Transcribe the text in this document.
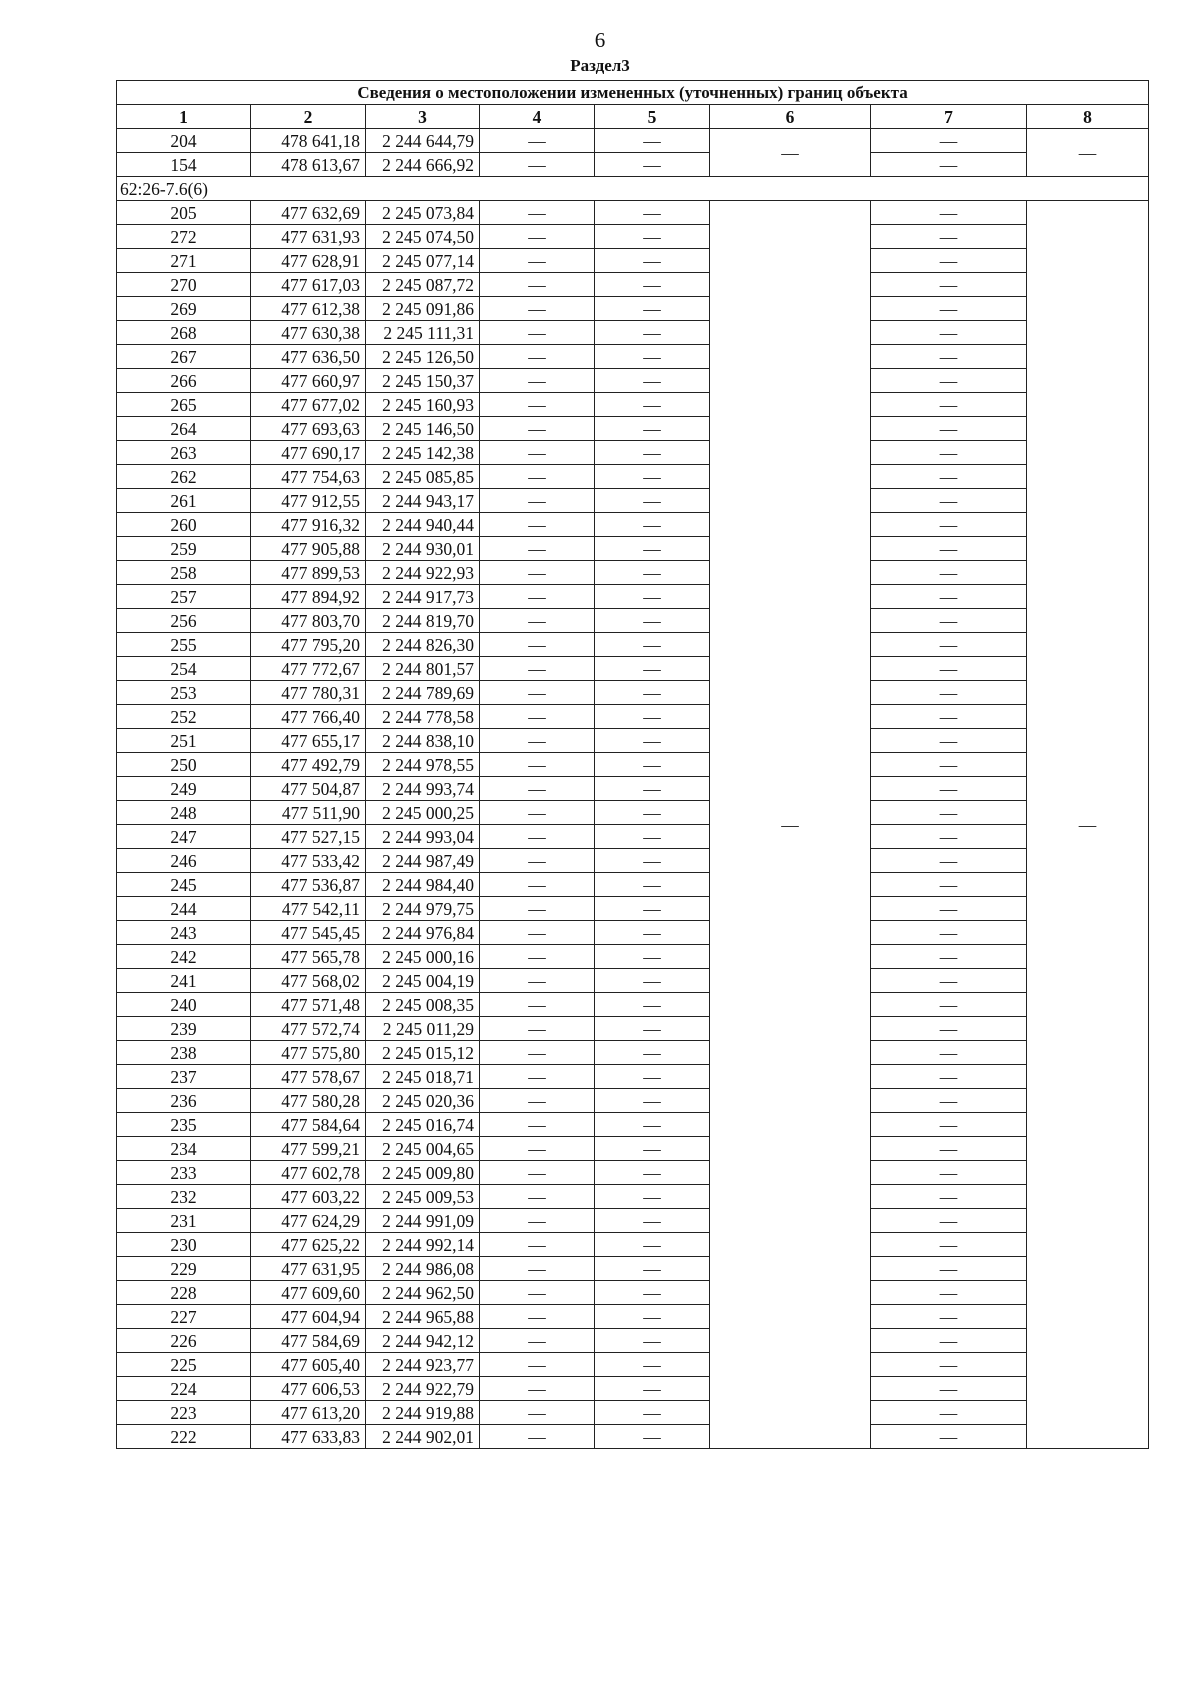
6
Раздел3
Сведения о местоположении измененных (уточненных) границ объекта							
1	2	3	4	5	6	7	8
204	478 641,18	2 244 644,79	—	—	—	—	—
154	478 613,67	2 244 666,92	—	—		—	
62:26-7.6(6)							
205	477 632,69	2 245 073,84	—	—	—	—	—
272	477 631,93	2 245 074,50	—	—		—	
271	477 628,91	2 245 077,14	—	—		—	
270	477 617,03	2 245 087,72	—	—		—	
269	477 612,38	2 245 091,86	—	—		—	
268	477 630,38	2 245 111,31	—	—		—	
267	477 636,50	2 245 126,50	—	—		—	
266	477 660,97	2 245 150,37	—	—		—	
265	477 677,02	2 245 160,93	—	—		—	
264	477 693,63	2 245 146,50	—	—		—	
263	477 690,17	2 245 142,38	—	—		—	
262	477 754,63	2 245 085,85	—	—		—	
261	477 912,55	2 244 943,17	—	—		—	
260	477 916,32	2 244 940,44	—	—		—	
259	477 905,88	2 244 930,01	—	—		—	
258	477 899,53	2 244 922,93	—	—		—	
257	477 894,92	2 244 917,73	—	—		—	
256	477 803,70	2 244 819,70	—	—		—	
255	477 795,20	2 244 826,30	—	—		—	
254	477 772,67	2 244 801,57	—	—		—	
253	477 780,31	2 244 789,69	—	—		—	
252	477 766,40	2 244 778,58	—	—		—	
251	477 655,17	2 244 838,10	—	—		—	
250	477 492,79	2 244 978,55	—	—		—	
249	477 504,87	2 244 993,74	—	—		—	
248	477 511,90	2 245 000,25	—	—		—	
247	477 527,15	2 244 993,04	—	—		—	
246	477 533,42	2 244 987,49	—	—		—	
245	477 536,87	2 244 984,40	—	—		—	
244	477 542,11	2 244 979,75	—	—		—	
243	477 545,45	2 244 976,84	—	—		—	
242	477 565,78	2 245 000,16	—	—		—	
241	477 568,02	2 245 004,19	—	—		—	
240	477 571,48	2 245 008,35	—	—		—	
239	477 572,74	2 245 011,29	—	—		—	
238	477 575,80	2 245 015,12	—	—		—	
237	477 578,67	2 245 018,71	—	—		—	
236	477 580,28	2 245 020,36	—	—		—	
235	477 584,64	2 245 016,74	—	—		—	
234	477 599,21	2 245 004,65	—	—		—	
233	477 602,78	2 245 009,80	—	—		—	
232	477 603,22	2 245 009,53	—	—		—	
231	477 624,29	2 244 991,09	—	—		—	
230	477 625,22	2 244 992,14	—	—		—	
229	477 631,95	2 244 986,08	—	—		—	
228	477 609,60	2 244 962,50	—	—		—	
227	477 604,94	2 244 965,88	—	—		—	
226	477 584,69	2 244 942,12	—	—		—	
225	477 605,40	2 244 923,77	—	—		—	
224	477 606,53	2 244 922,79	—	—		—	
223	477 613,20	2 244 919,88	—	—		—	
222	477 633,83	2 244 902,01	—	—		—	
